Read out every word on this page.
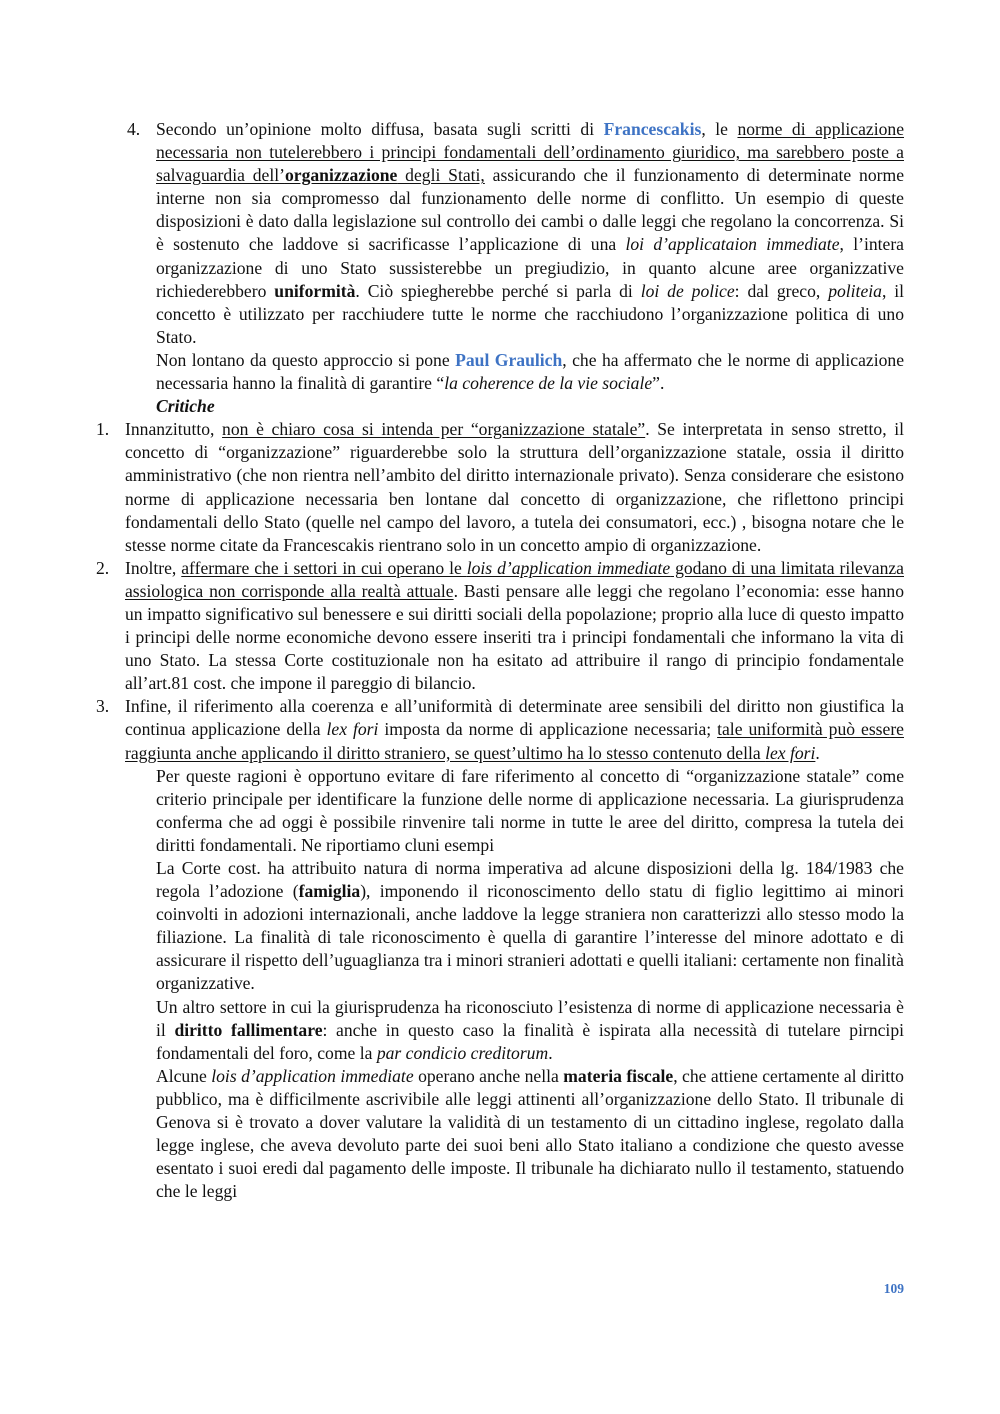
4. Secondo un’opinione molto diffusa, basata sugli scritti di Francescakis, le norme di applicazione necessaria non tutelerebbero i principi fondamentali dell’ordinamento giuridico, ma sarebbero poste a salvaguardia dell’organizzazione degli Stati, assicurando che il funzionamento di determinate norme interne non sia compromesso dal funzionamento delle norme di conflitto. Un esempio di queste disposizioni è dato dalla legislazione sul controllo dei cambi o dalle leggi che regolano la concorrenza. Si è sostenuto che laddove si sacrificasse l’applicazione di una loi d’applicataion immediate, l’intera organizzazione di uno Stato sussisterebbe un pregiudizio, in quanto alcune aree organizzative richiederebbero uniformità. Ciò spiegherebbe perché si parla di loi de police: dal greco, politeia, il concetto è utilizzato per racchiudere tutte le norme che racchiudono l’organizzazione politica di uno Stato.

Non lontano da questo approccio si pone Paul Graulich, che ha affermato che le norme di applicazione necessaria hanno la finalità di garantire “la coherence de la vie sociale”.

Critiche

1. Innanzitutto, non è chiaro cosa si intenda per “organizzazione statale”. Se interpretata in senso stretto, il concetto di “organizzazione” riguarderebbe solo la struttura dell’organizzazione statale, ossia il diritto amministrativo (che non rientra nell’ambito del diritto internazionale privato). Senza considerare che esistono norme di applicazione necessaria ben lontane dal concetto di organizzazione, che riflettono principi fondamentali dello Stato (quelle nel campo del lavoro, a tutela dei consumatori, ecc.) , bisogna notare che le stesse norme citate da Francescakis rientrano solo in un concetto ampio di organizzazione.

2. Inoltre, affermare che i settori in cui operano le lois d’application immediate godano di una limitata rilevanza assiologica non corrisponde alla realtà attuale. Basti pensare alle leggi che regolano l’economia: esse hanno un impatto significativo sul benessere e sui diritti sociali della popolazione; proprio alla luce di questo impatto i principi delle norme economiche devono essere inseriti tra i principi fondamentali che informano la vita di uno Stato. La stessa Corte costituzionale non ha esitato ad attribuire il rango di principio fondamentale all’art.81 cost. che impone il pareggio di bilancio.

3. Infine, il riferimento alla coerenza e all’uniformità di determinate aree sensibili del diritto non giustifica la continua applicazione della lex fori imposta da norme di applicazione necessaria; tale uniformità può essere raggiunta anche applicando il diritto straniero, se quest’ultimo ha lo stesso contenuto della lex fori.

Per queste ragioni è opportuno evitare di fare riferimento al concetto di “organizzazione statale” come criterio principale per identificare la funzione delle norme di applicazione necessaria. La giurisprudenza conferma che ad oggi è possibile rinvenire tali norme in tutte le aree del diritto, compresa la tutela dei diritti fondamentali. Ne riportiamo cluni esempi

La Corte cost. ha attribuito natura di norma imperativa ad alcune disposizioni della lg. 184/1983 che regola l’adozione (famiglia), imponendo il riconoscimento dello statu di figlio legittimo ai minori coinvolti in adozioni internazionali, anche laddove la legge straniera non caratterizzi allo stesso modo la filiazione. La finalità di tale riconoscimento è quella di garantire l’interesse del minore adottato e di assicurare il rispetto dell’uguaglianza tra i minori stranieri adottati e quelli italiani: certamente non finalità organizzative.

Un altro settore in cui la giurisprudenza ha riconosciuto l’esistenza di norme di applicazione necessaria è il diritto fallimentare: anche in questo caso la finalità è ispirata alla necessità di tutelare pirncipi fondamentali del foro, come la par condicio creditorum.

Alcune lois d’application immediate operano anche nella materia fiscale, che attiene certamente al diritto pubblico, ma è difficilmente ascrivibile alle leggi attinenti all’organizzazione dello Stato. Il tribunale di Genova si è trovato a dover valutare la validità di un testamento di un cittadino inglese, regolato dalla legge inglese, che aveva devoluto parte dei suoi beni allo Stato italiano a condizione che questo avesse esentato i suoi eredi dal pagamento delle imposte. Il tribunale ha dichiarato nullo il testamento, statuendo che le leggi

109
